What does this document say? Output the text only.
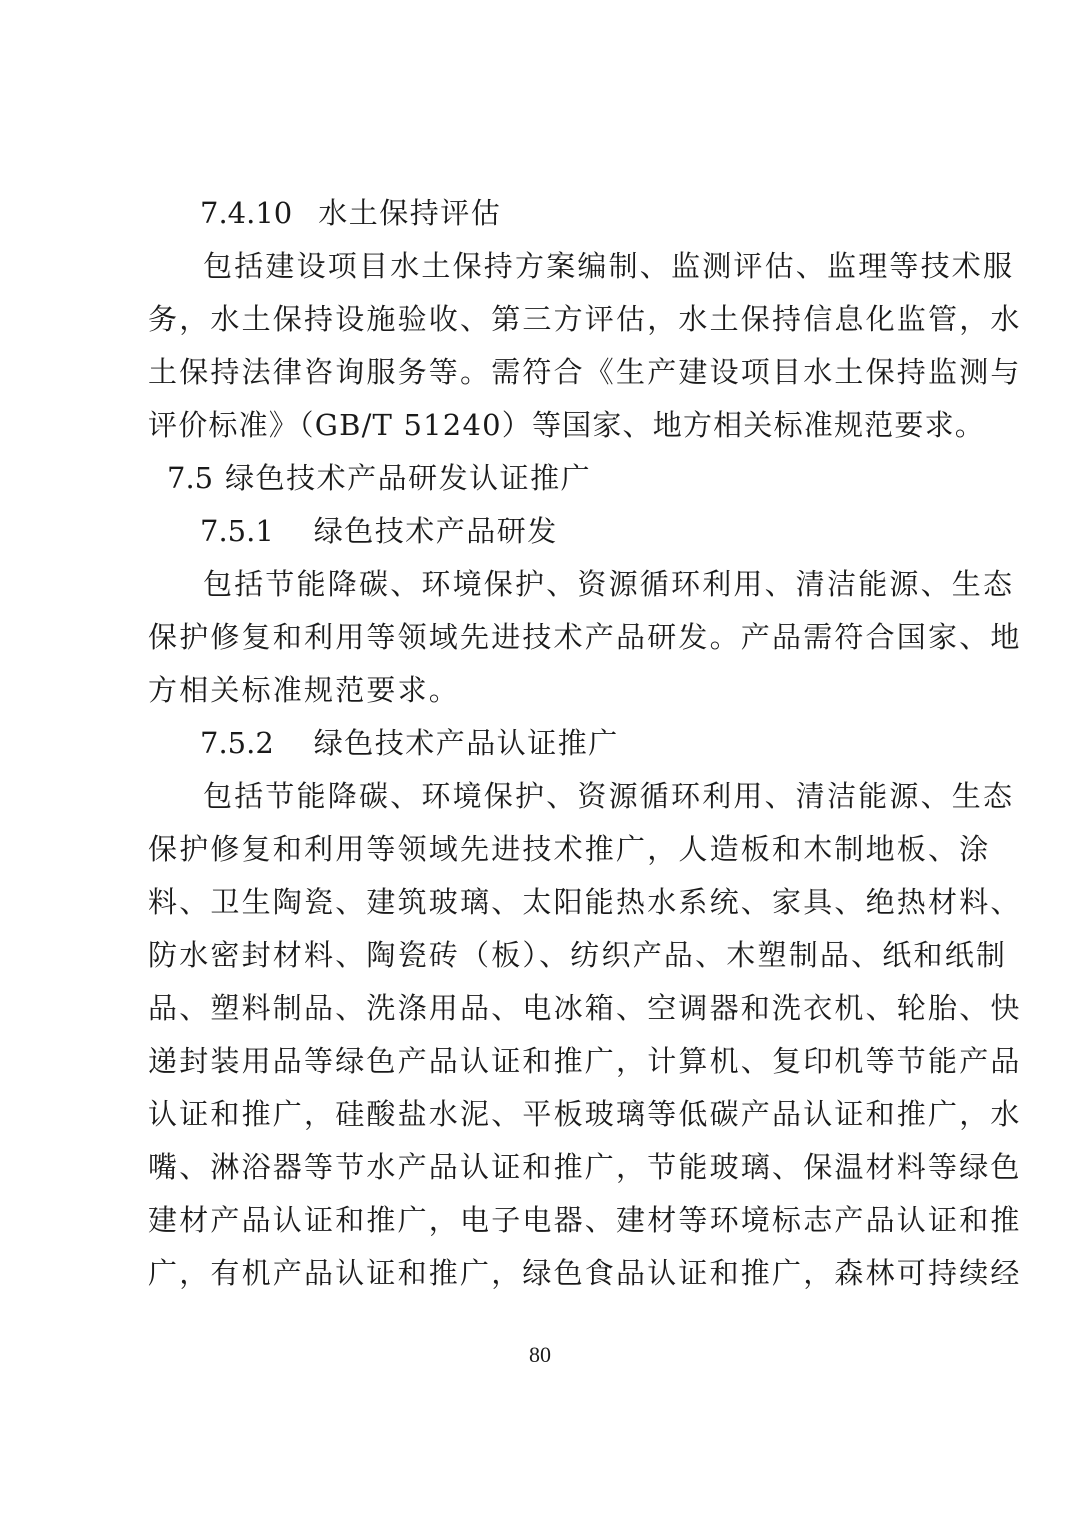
7.4.10 水土保持评估
包括建设项目水土保持方案编制、监测评估、监理等技术服
务，水土保持设施验收、第三方评估，水土保持信息化监管，水
土保持法律咨询服务等。需符合《生产建设项目水土保持监测与
评价标准》（GB/T 51240）等国家、地方相关标准规范要求。
7.5 绿色技术产品研发认证推广
7.5.1 绿色技术产品研发
包括节能降碳、环境保护、资源循环利用、清洁能源、生态
保护修复和利用等领域先进技术产品研发。产品需符合国家、地
方相关标准规范要求。
7.5.2 绿色技术产品认证推广
包括节能降碳、环境保护、资源循环利用、清洁能源、生态
保护修复和利用等领域先进技术推广，人造板和木制地板、涂
料、卫生陶瓷、建筑玻璃、太阳能热水系统、家具、绝热材料、
防水密封材料、陶瓷砖（板）、纺织产品、木塑制品、纸和纸制
品、塑料制品、洗涤用品、电冰箱、空调器和洗衣机、轮胎、快
递封装用品等绿色产品认证和推广，计算机、复印机等节能产品
认证和推广，硅酸盐水泥、平板玻璃等低碳产品认证和推广，水
嘴、淋浴器等节水产品认证和推广，节能玻璃、保温材料等绿色
建材产品认证和推广，电子电器、建材等环境标志产品认证和推
广，有机产品认证和推广，绿色食品认证和推广，森林可持续经
80
